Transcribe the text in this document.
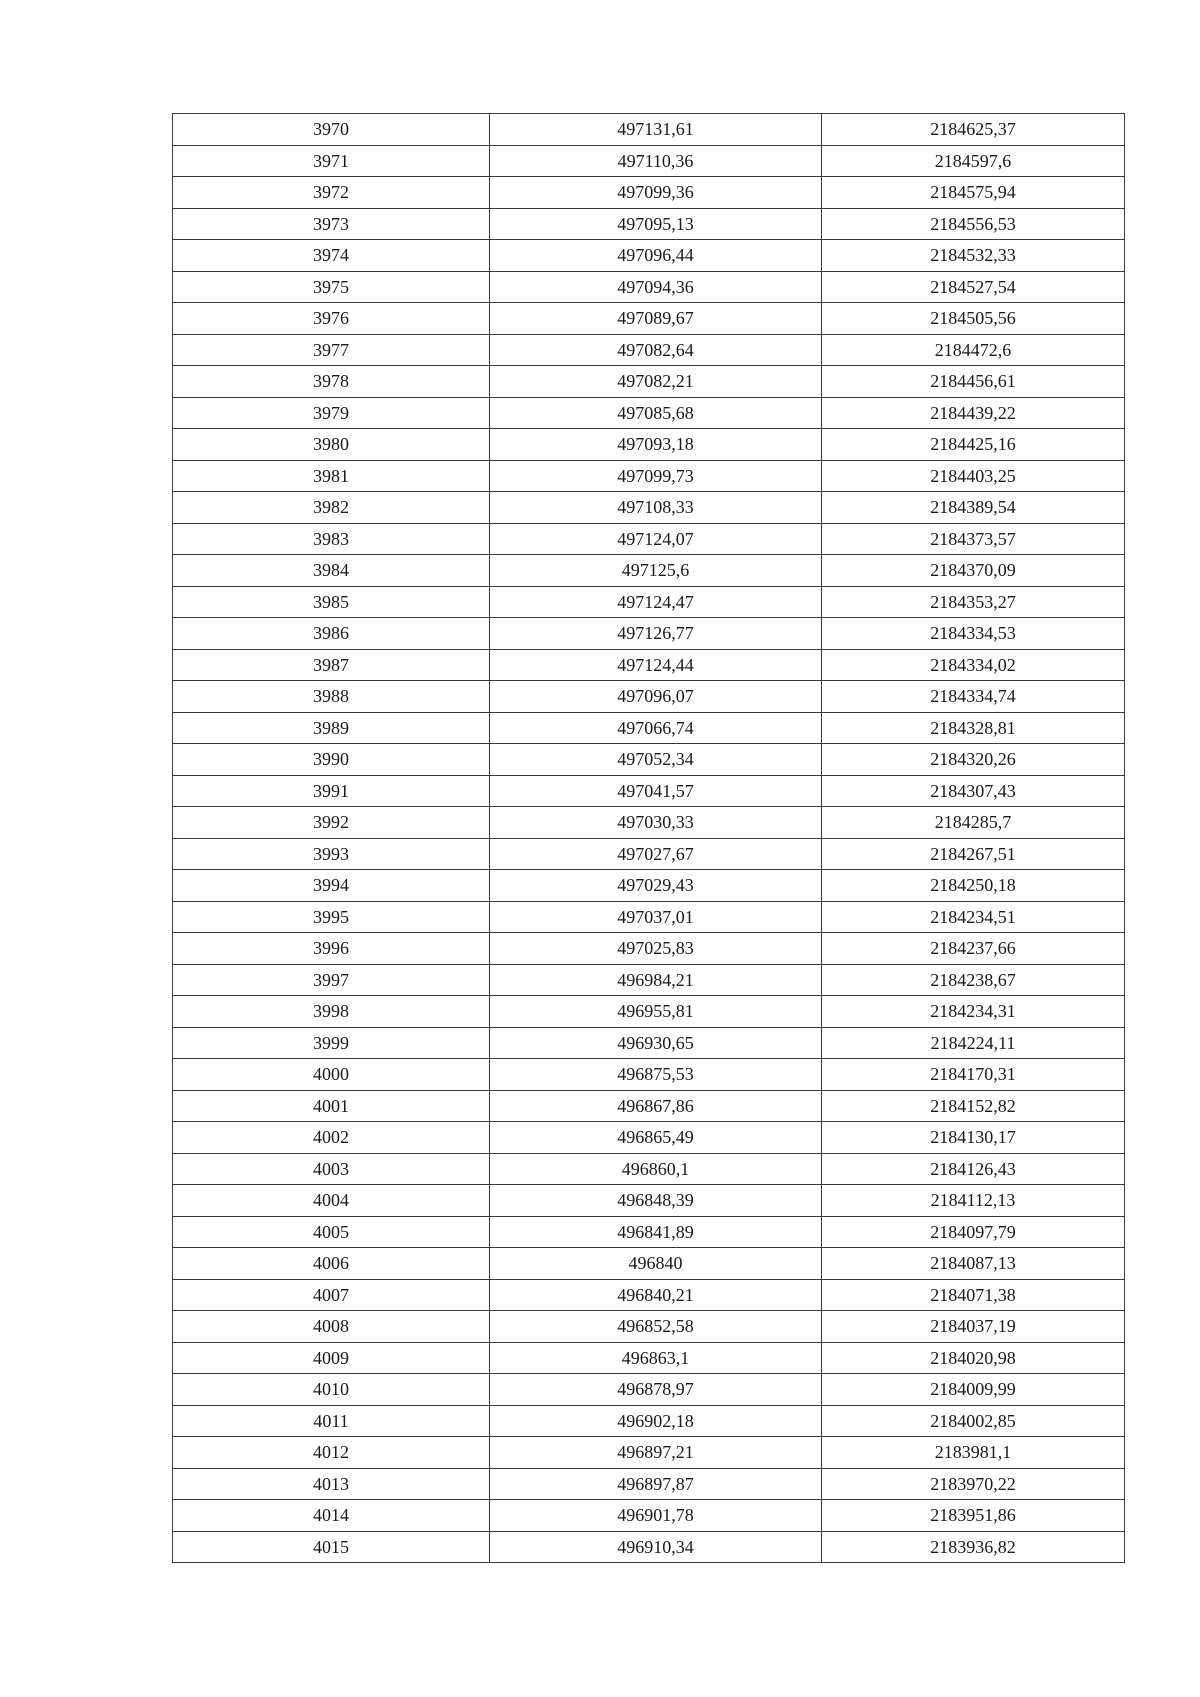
3970	497131,61	2184625,37
3971	497110,36	2184597,6
3972	497099,36	2184575,94
3973	497095,13	2184556,53
3974	497096,44	2184532,33
3975	497094,36	2184527,54
3976	497089,67	2184505,56
3977	497082,64	2184472,6
3978	497082,21	2184456,61
3979	497085,68	2184439,22
3980	497093,18	2184425,16
3981	497099,73	2184403,25
3982	497108,33	2184389,54
3983	497124,07	2184373,57
3984	497125,6	2184370,09
3985	497124,47	2184353,27
3986	497126,77	2184334,53
3987	497124,44	2184334,02
3988	497096,07	2184334,74
3989	497066,74	2184328,81
3990	497052,34	2184320,26
3991	497041,57	2184307,43
3992	497030,33	2184285,7
3993	497027,67	2184267,51
3994	497029,43	2184250,18
3995	497037,01	2184234,51
3996	497025,83	2184237,66
3997	496984,21	2184238,67
3998	496955,81	2184234,31
3999	496930,65	2184224,11
4000	496875,53	2184170,31
4001	496867,86	2184152,82
4002	496865,49	2184130,17
4003	496860,1	2184126,43
4004	496848,39	2184112,13
4005	496841,89	2184097,79
4006	496840	2184087,13
4007	496840,21	2184071,38
4008	496852,58	2184037,19
4009	496863,1	2184020,98
4010	496878,97	2184009,99
4011	496902,18	2184002,85
4012	496897,21	2183981,1
4013	496897,87	2183970,22
4014	496901,78	2183951,86
4015	496910,34	2183936,82
